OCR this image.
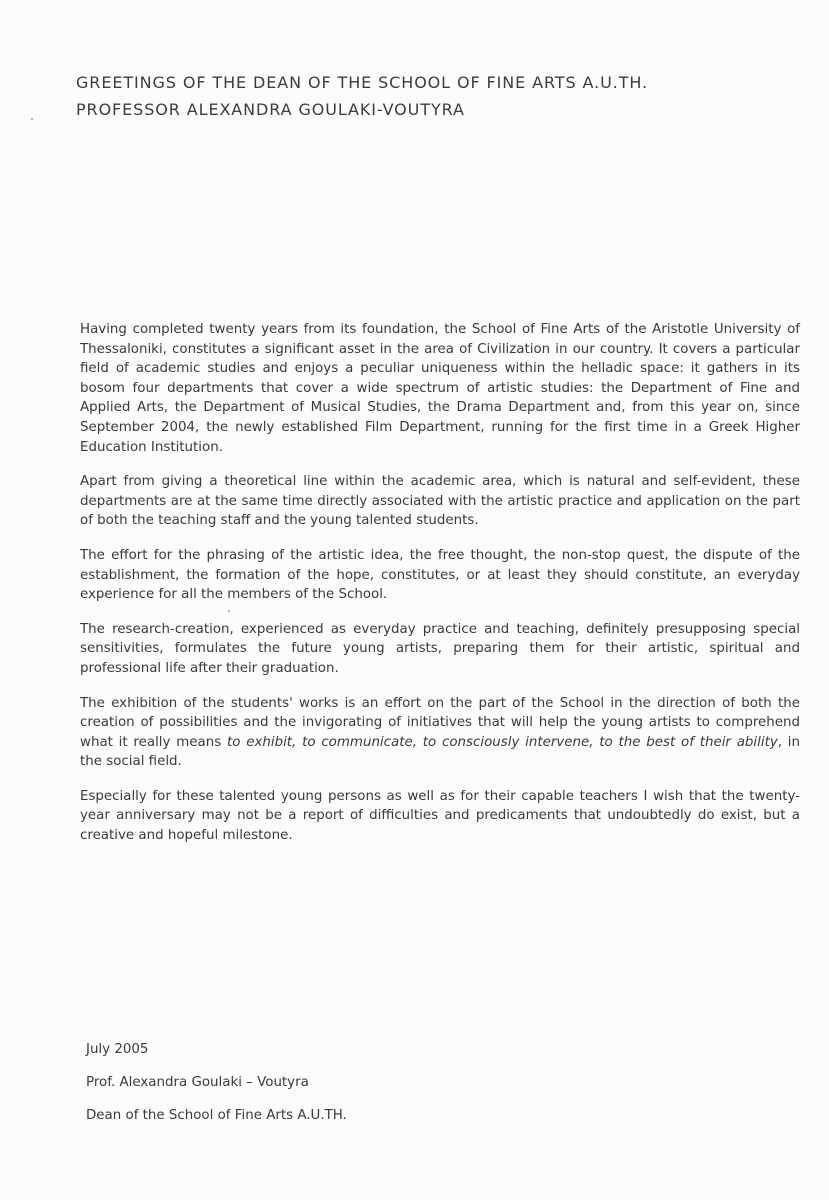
GREETINGS OF THE DEAN OF THE SCHOOL OF FINE ARTS A.U.TH.
PROFESSOR ALEXANDRA GOULAKI-VOUTYRA

Having completed twenty years from its foundation, the School of Fine Arts of the Aristotle University of Thessaloniki, constitutes a significant asset in the area of Civilization in our country. It covers a particular field of academic studies and enjoys a peculiar uniqueness within the helladic space: it gathers in its bosom four departments that cover a wide spectrum of artistic studies: the Department of Fine and Applied Arts, the Department of Musical Studies, the Drama Department and, from this year on, since September 2004, the newly established Film Department, running for the first time in a Greek Higher Education Institution.

Apart from giving a theoretical line within the academic area, which is natural and self-evident, these departments are at the same time directly associated with the artistic practice and application on the part of both the teaching staff and the young talented students.

The effort for the phrasing of the artistic idea, the free thought, the non-stop quest, the dispute of the establishment, the formation of the hope, constitutes, or at least they should constitute, an everyday experience for all the members of the School.

The research-creation, experienced as everyday practice and teaching, definitely presupposing special sensitivities, formulates the future young artists, preparing them for their artistic, spiritual and professional life after their graduation.

The exhibition of the students' works is an effort on the part of the School in the direction of both the creation of possibilities and the invigorating of initiatives that will help the young artists to comprehend what it really means to exhibit, to communicate, to consciously intervene, to the best of their ability, in the social field.

Especially for these talented young persons as well as for their capable teachers I wish that the twenty-year anniversary may not be a report of difficulties and predicaments that undoubtedly do exist, but a creative and hopeful milestone.

July 2005
Prof. Alexandra Goulaki – Voutyra
Dean of the School of Fine Arts A.U.TH.
